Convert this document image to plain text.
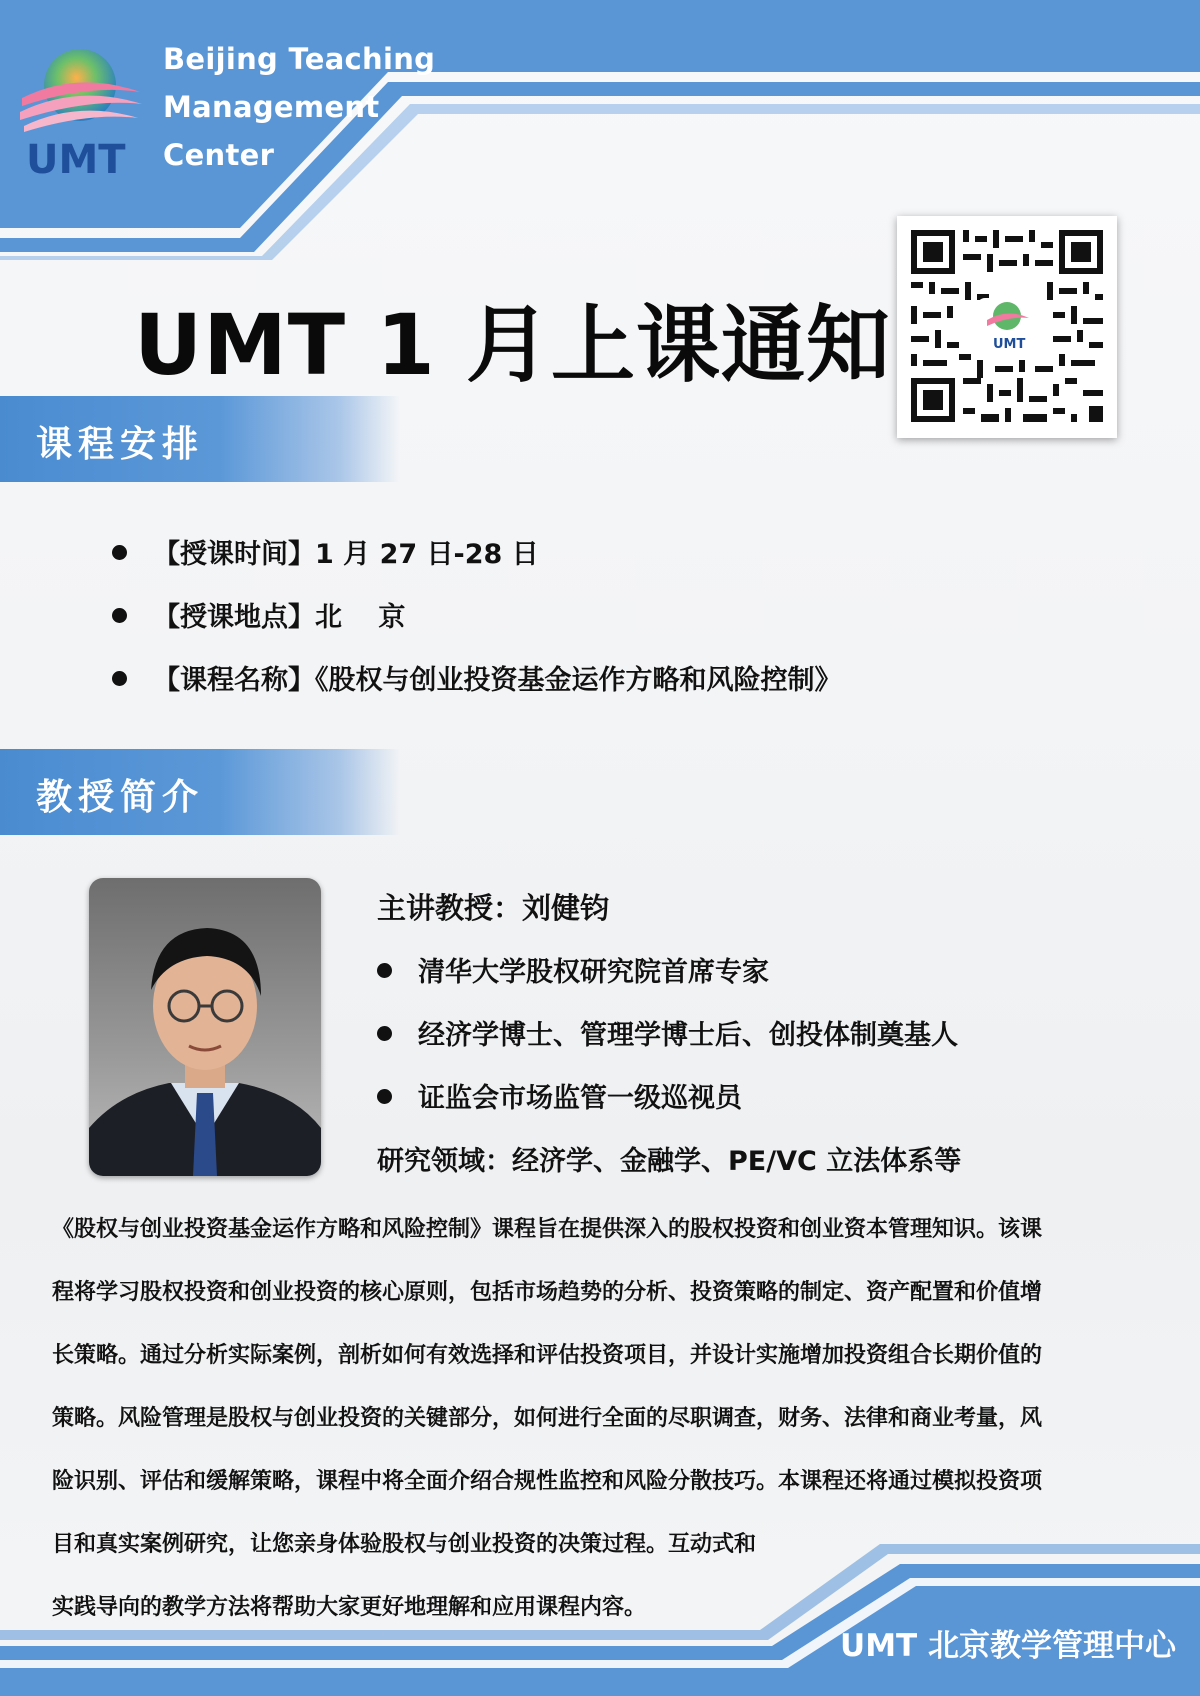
UMT
Beijing Teaching
Management
Center
UMT 1 月上课通知	UMT
课程安排
【授课时间】1 月 27 日-28 日
【授课地点】北　 京
【课程名称】《股权与创业投资基金运作方略和风险控制》
教授简介
主讲教授：刘健钧
清华大学股权研究院首席专家
经济学博士、管理学博士后、创投体制奠基人
证监会市场监管一级巡视员
研究领域：经济学、金融学、PE/VC 立法体系等
《股权与创业投资基金运作方略和风险控制》课程旨在提供深入的股权投资和创业资本管理知识。该课
程将学习股权投资和创业投资的核心原则，包括市场趋势的分析、投资策略的制定、资产配置和价值增
长策略。通过分析实际案例，剖析如何有效选择和评估投资项目，并设计实施增加投资组合长期价值的
策略。风险管理是股权与创业投资的关键部分，如何进行全面的尽职调查，财务、法律和商业考量，风
险识别、评估和缓解策略，课程中将全面介绍合规性监控和风险分散技巧。本课程还将通过模拟投资项
目和真实案例研究，让您亲身体验股权与创业投资的决策过程。互动式和
实践导向的教学方法将帮助大家更好地理解和应用课程内容。
UMT 北京教学管理中心
